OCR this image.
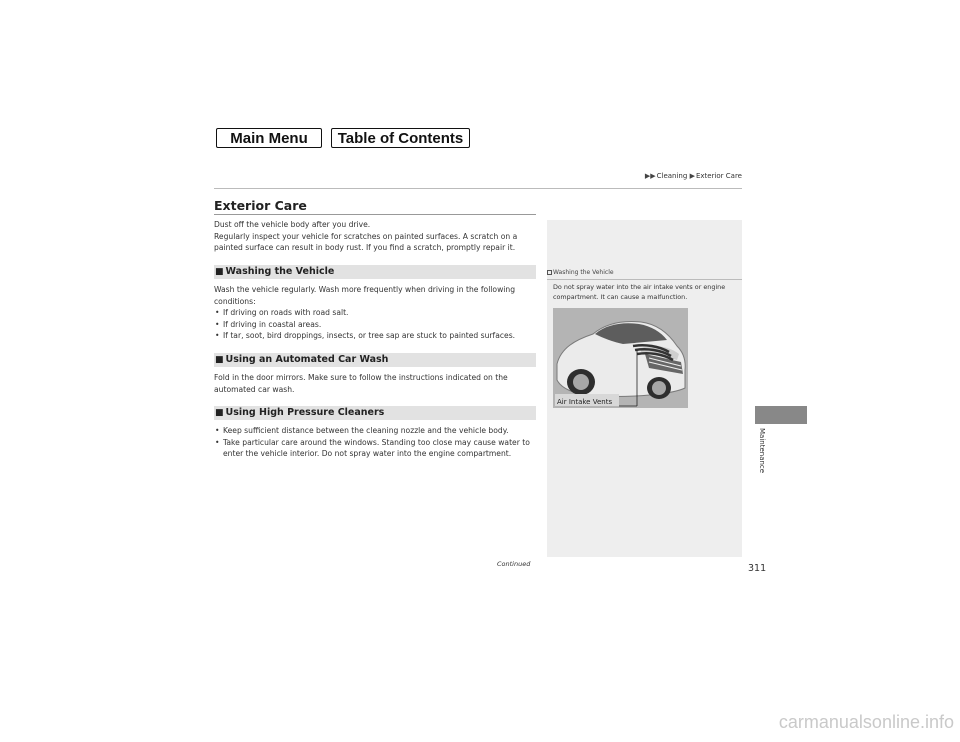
Main Menu	Table of Contents
▶▶Cleaning ▶Exterior Care
Exterior Care
Dust off the vehicle body after you drive.
Regularly inspect your vehicle for scratches on painted surfaces. A scratch on a painted surface can result in body rust. If you find a scratch, promptly repair it.
■ Washing the Vehicle
Wash the vehicle regularly. Wash more frequently when driving in the following conditions:
• If driving on roads with road salt.
• If driving in coastal areas.
• If tar, soot, bird droppings, insects, or tree sap are stuck to painted surfaces.
■ Using an Automated Car Wash
Fold in the door mirrors. Make sure to follow the instructions indicated on the automated car wash.
■ Using High Pressure Cleaners
• Keep sufficient distance between the cleaning nozzle and the vehicle body.
• Take particular care around the windows. Standing too close may cause water to enter the vehicle interior. Do not spray water into the engine compartment.
Washing the Vehicle
Do not spray water into the air intake vents or engine compartment. It can cause a malfunction.
Air Intake Vents
Continued	311
Maintenance
carmanualsonline.info
